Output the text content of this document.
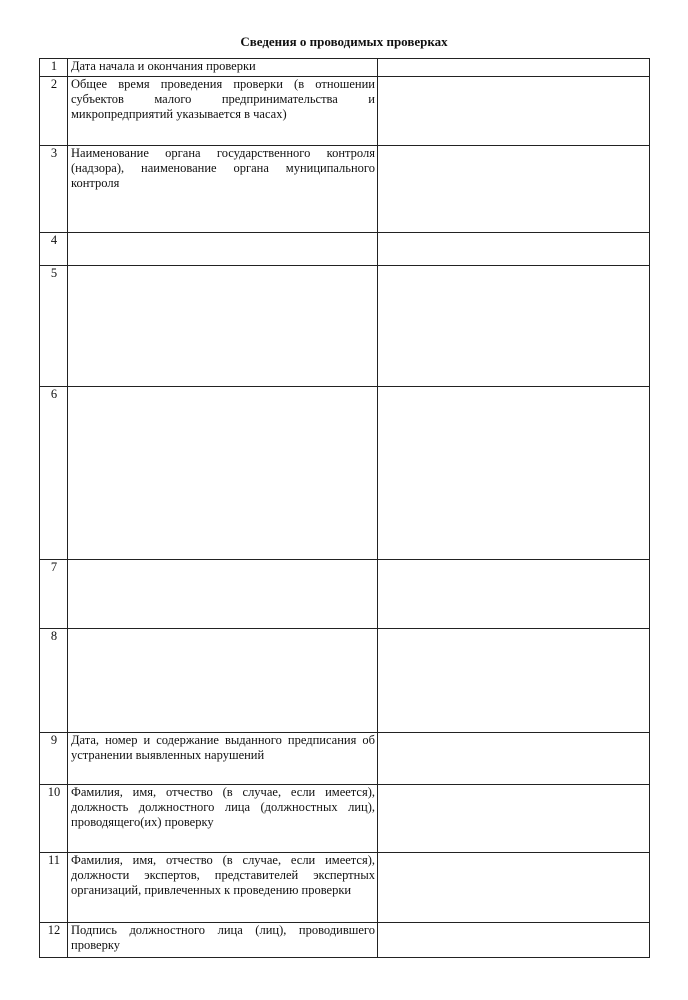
Сведения о проводимых проверках
1	Дата начала и окончания проверки	
2	Общее время проведения проверки (в отношении субъектов малого предпринимательства и микропредприятий указывается в часах)	
3	Наименование органа государственного контроля (надзора), наименование органа муниципального контроля	
4		
5		
6		
7		
8		
9	Дата, номер и содержание выданного предписания об устранении выявленных нарушений	
10	Фамилия, имя, отчество (в случае, если имеется), должность должностного лица (должностных лиц), проводящего(их) проверку	
11	Фамилия, имя, отчество (в случае, если имеется), должности экспертов, представителей экспертных организаций, привлеченных к проведению проверки	
12	Подпись должностного лица (лиц), проводившего проверку	
